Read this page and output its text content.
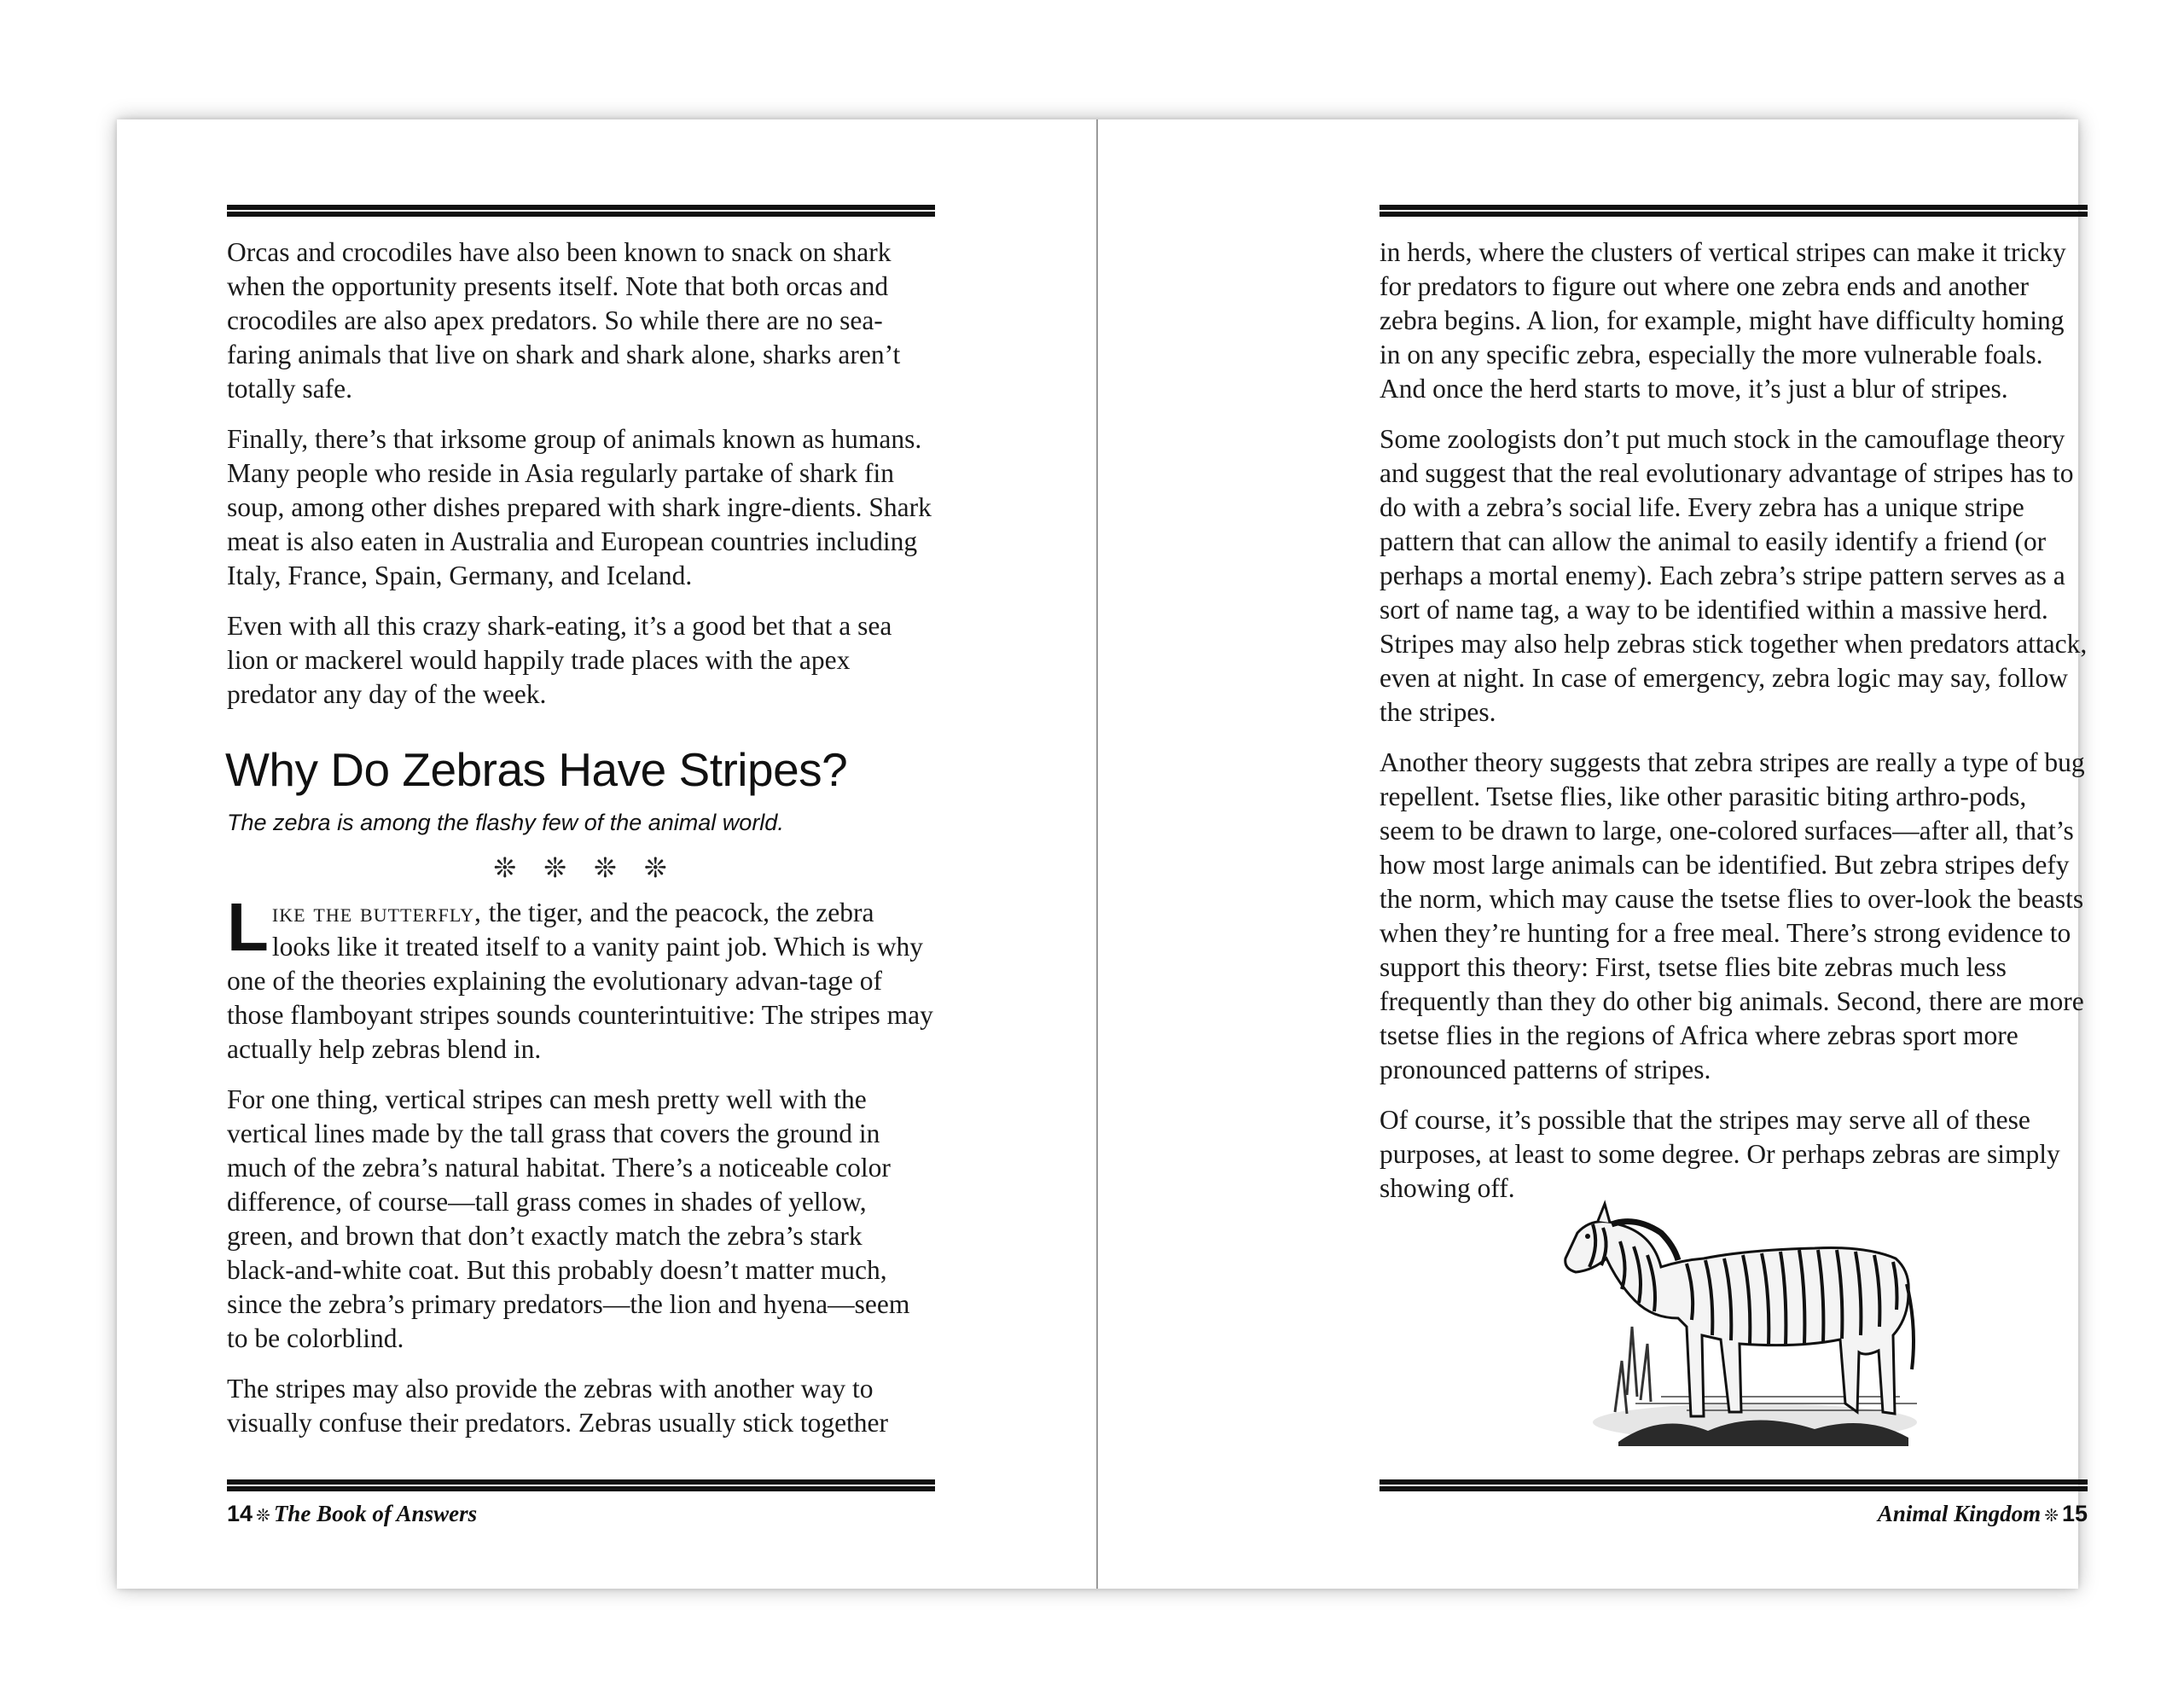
Orcas and crocodiles have also been known to snack on shark when the opportunity presents itself. Note that both orcas and crocodiles are also apex predators. So while there are no sea-faring animals that live on shark and shark alone, sharks aren’t totally safe.

Finally, there’s that irksome group of animals known as humans. Many people who reside in Asia regularly partake of shark fin soup, among other dishes prepared with shark ingre-dients. Shark meat is also eaten in Australia and European countries including Italy, France, Spain, Germany, and Iceland.

Even with all this crazy shark-eating, it’s a good bet that a sea lion or mackerel would happily trade places with the apex predator any day of the week.

Why Do Zebras Have Stripes?
The zebra is among the flashy few of the animal world.
❊❊❊❊

Like the butterfly, the tiger, and the peacock, the zebra looks like it treated itself to a vanity paint job. Which is why one of the theories explaining the evolutionary advan-tage of those flamboyant stripes sounds counterintuitive: The stripes may actually help zebras blend in.

For one thing, vertical stripes can mesh pretty well with the vertical lines made by the tall grass that covers the ground in much of the zebra’s natural habitat. There’s a noticeable color difference, of course—tall grass comes in shades of yellow, green, and brown that don’t exactly match the zebra’s stark black-and-white coat. But this probably doesn’t matter much, since the zebra’s primary predators—the lion and hyena—seem to be colorblind.

The stripes may also provide the zebras with another way to visually confuse their predators. Zebras usually stick together

14 ❊ The Book of Answers

in herds, where the clusters of vertical stripes can make it tricky for predators to figure out where one zebra ends and another zebra begins. A lion, for example, might have difficulty homing in on any specific zebra, especially the more vulnerable foals. And once the herd starts to move, it’s just a blur of stripes.

Some zoologists don’t put much stock in the camouflage theory and suggest that the real evolutionary advantage of stripes has to do with a zebra’s social life. Every zebra has a unique stripe pattern that can allow the animal to easily identify a friend (or perhaps a mortal enemy). Each zebra’s stripe pattern serves as a sort of name tag, a way to be identified within a massive herd. Stripes may also help zebras stick together when predators attack, even at night. In case of emergency, zebra logic may say, follow the stripes.

Another theory suggests that zebra stripes are really a type of bug repellent. Tsetse flies, like other parasitic biting arthro-pods, seem to be drawn to large, one-colored surfaces—after all, that’s how most large animals can be identified. But zebra stripes defy the norm, which may cause the tsetse flies to over-look the beasts when they’re hunting for a free meal. There’s strong evidence to support this theory: First, tsetse flies bite zebras much less frequently than they do other big animals. Second, there are more tsetse flies in the regions of Africa where zebras sport more pronounced patterns of stripes.

Of course, it’s possible that the stripes may serve all of these purposes, at least to some degree. Or perhaps zebras are simply showing off.

Animal Kingdom ❊ 15
